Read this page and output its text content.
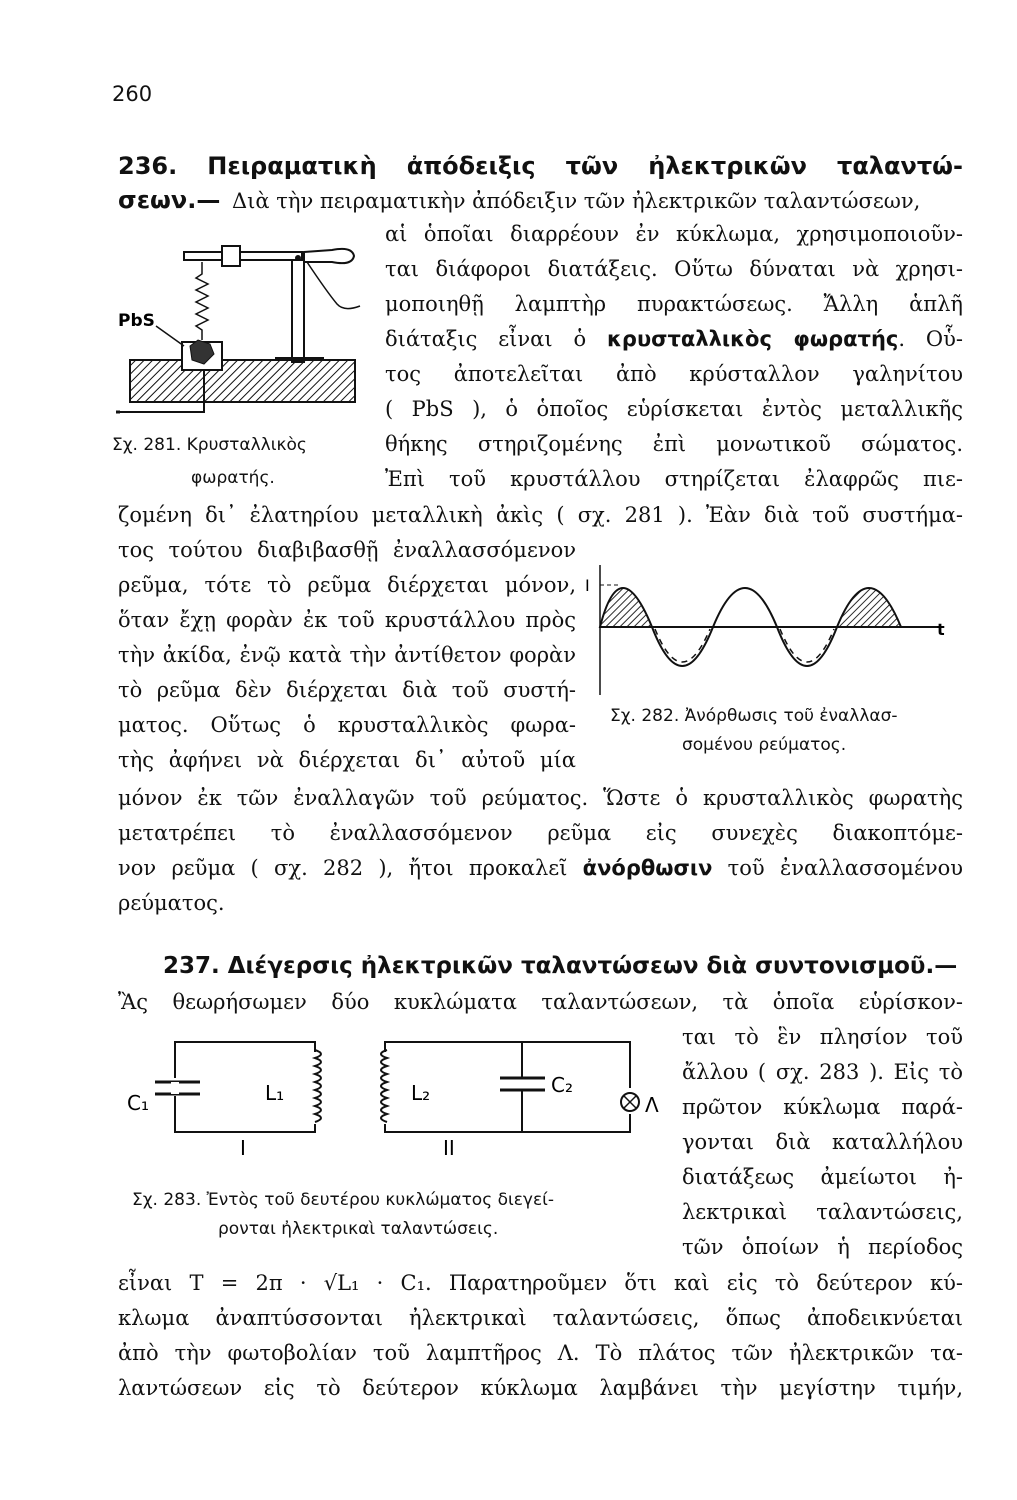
260
236. Πειραματικὴ ἀπόδειξις τῶν ἠλεκτρικῶν ταλαντώ-
σεων.— Διὰ τὴν πειραματικὴν ἀπόδειξιν τῶν ἠλεκτρικῶν ταλαντώσεων,
αἱ ὁποῖαι διαρρέουν ἐν κύκλωμα, χρησιμοποιοῦν-
ται διάφοροι διατάξεις. Οὕτω δύναται νὰ χρησι-
μοποιηθῇ λαμπτὴρ πυρακτώσεως. Ἄλλη ἁπλῆ
διάταξις εἶναι ὁ κρυσταλλικὸς φωρατής. Οὗ-
τος ἀποτελεῖται ἀπὸ κρύσταλλον γαληνίτου
( PbS ), ὁ ὁποῖος εὑρίσκεται ἐντὸς μεταλλικῆς
θήκης στηριζομένης ἐπὶ μονωτικοῦ σώματος.
Ἐπὶ τοῦ κρυστάλλου στηρίζεται ἐλαφρῶς πιε-
ζομένη δι᾽ ἐλατηρίου μεταλλικὴ ἀκὶς ( σχ. 281 ). Ἐὰν διὰ τοῦ συστήμα-
PbS
Σχ. 281. Κρυσταλλικὸς
φωρατής.
τος τούτου διαβιβασθῇ ἐναλλασσόμενον
ρεῦμα, τότε τὸ ρεῦμα διέρχεται μόνον,
ὅταν ἔχῃ φορὰν ἐκ τοῦ κρυστάλλου πρὸς
τὴν ἀκίδα, ἐνῷ κατὰ τὴν ἀντίθετον φορὰν
τὸ ρεῦμα δὲν διέρχεται διὰ τοῦ συστή-
ματος. Οὕτως ὁ κρυσταλλικὸς φωρα-
τὴς ἀφήνει νὰ διέρχεται δι᾽ αὐτοῦ μία
I
t
Σχ. 282. Ἀνόρθωσις τοῦ ἐναλλασ-
σομένου ρεύματος.
μόνον ἐκ τῶν ἐναλλαγῶν τοῦ ρεύματος. Ὥστε ὁ κρυσταλλικὸς φωρατὴς
μετατρέπει τὸ ἐναλλασσόμενον ρεῦμα εἰς συνεχὲς διακοπτόμε-
νον ρεῦμα ( σχ. 282 ), ἤτοι προκαλεῖ ἀνόρθωσιν τοῦ ἐναλλασσομένου
ρεύματος.
237. Διέγερσις ἠλεκτρικῶν ταλαντώσεων διὰ συντονισμοῦ.—
Ἂς θεωρήσωμεν δύο κυκλώματα ταλαντώσεων, τὰ ὁποῖα εὑρίσκον-
ται τὸ ἓν πλησίον τοῦ
ἄλλου ( σχ. 283 ). Εἰς τὸ
πρῶτον κύκλωμα παρά-
γονται διὰ καταλλήλου
διατάξεως ἀμείωτοι ἠ-
λεκτρικαὶ ταλαντώσεις,
τῶν ὁποίων ἡ περίοδος
C₁	L₁
I
L₂	C₂
Λ
II
Σχ. 283. Ἐντὸς τοῦ δευτέρου κυκλώματος διεγεί-
ρονται ἠλεκτρικαὶ ταλαντώσεις.
εἶναι T = 2π · √L₁ · C₁. Παρατηροῦμεν ὅτι καὶ εἰς τὸ δεύτερον κύ-
κλωμα ἀναπτύσσονται ἠλεκτρικαὶ ταλαντώσεις, ὅπως ἀποδεικνύεται
ἀπὸ τὴν φωτοβολίαν τοῦ λαμπτῆρος Λ. Τὸ πλάτος τῶν ἠλεκτρικῶν τα-
λαντώσεων εἰς τὸ δεύτερον κύκλωμα λαμβάνει τὴν μεγίστην τιμήν,
